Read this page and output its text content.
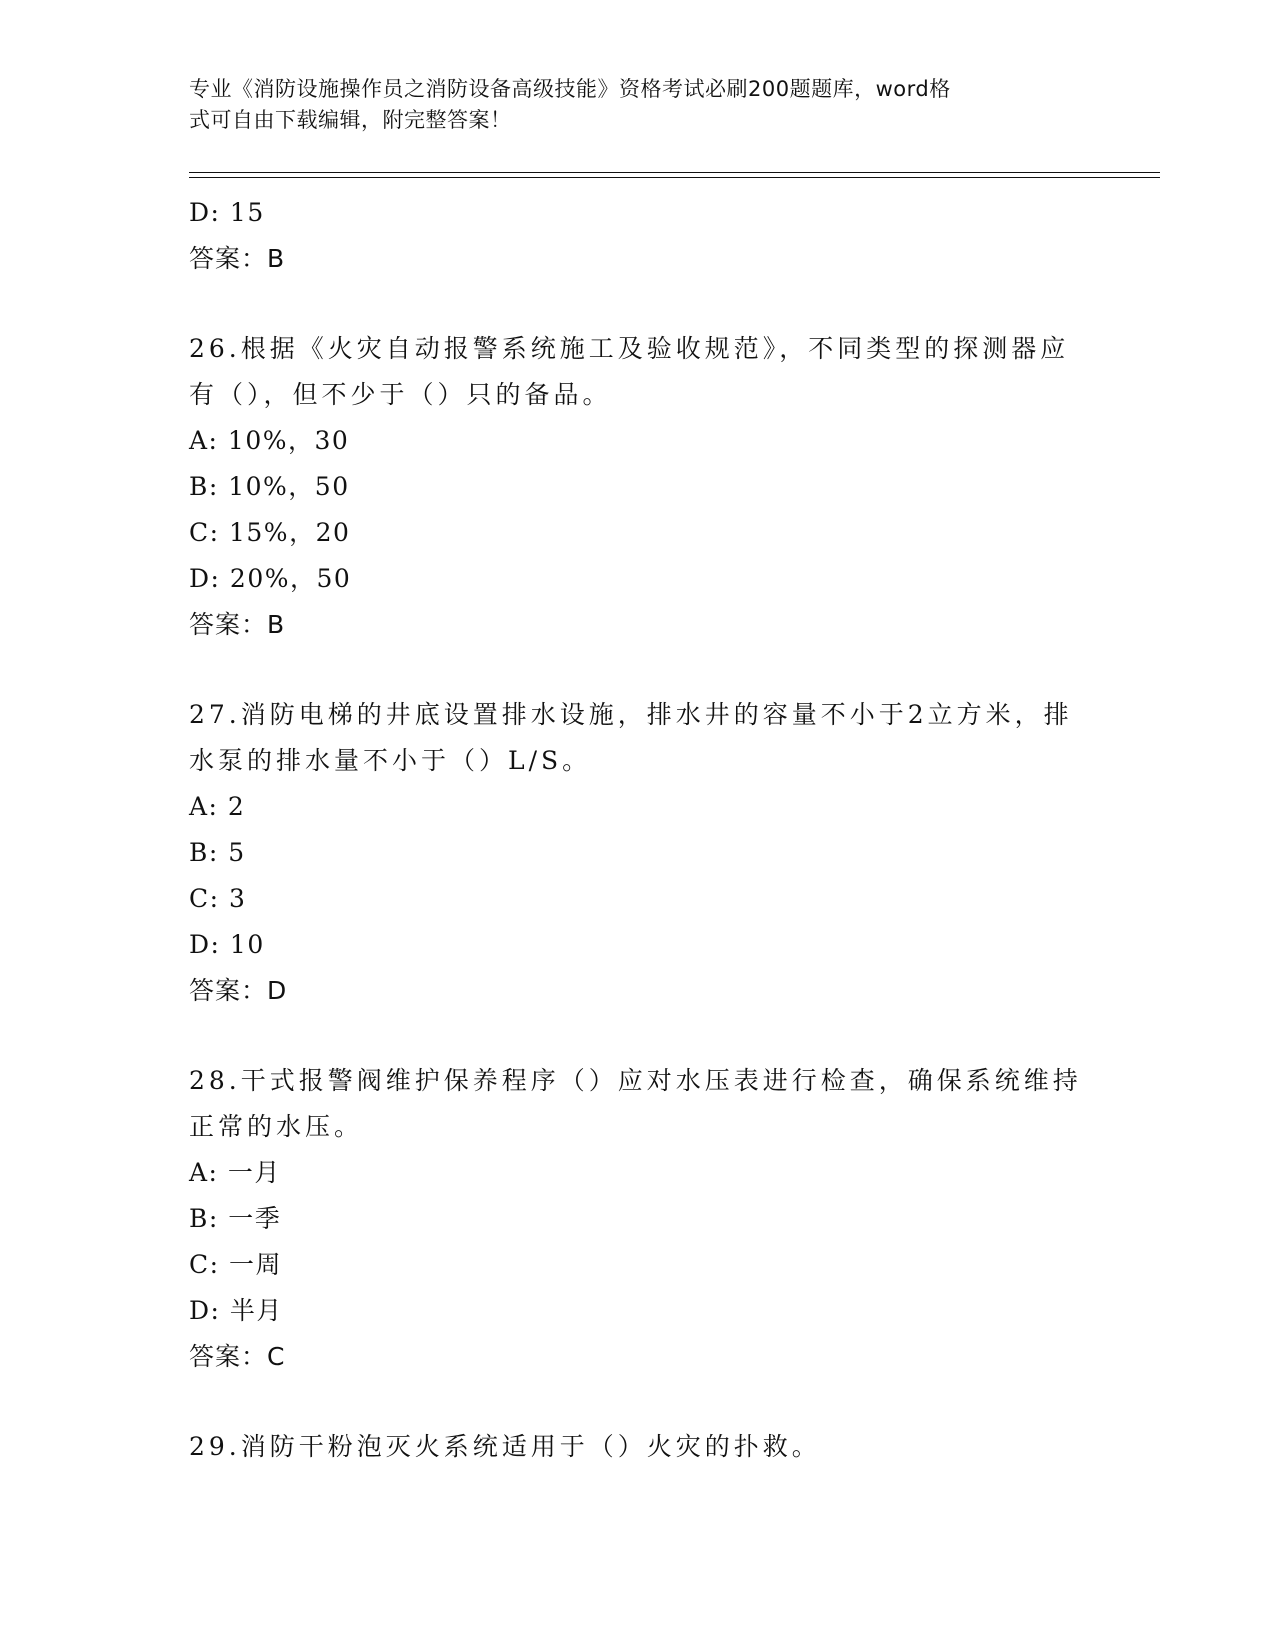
专业《消防设施操作员之消防设备高级技能》资格考试必刷200题题库，word格
式可自由下载编辑，附完整答案！
D: 15
答案：B
26.根据《火灾自动报警系统施工及验收规范》，不同类型的探测器应
有（），但不少于（）只的备品。
A: 10%，30
B: 10%，50
C: 15%，20
D: 20%，50
答案：B
27.消防电梯的井底设置排水设施，排水井的容量不小于2立方米，排
水泵的排水量不小于（）L/S。
A: 2
B: 5
C: 3
D: 10
答案：D
28.干式报警阀维护保养程序（）应对水压表进行检查，确保系统维持
正常的水压。
A: 一月
B: 一季
C: 一周
D: 半月
答案：C
29.消防干粉泡灭火系统适用于（）火灾的扑救。
